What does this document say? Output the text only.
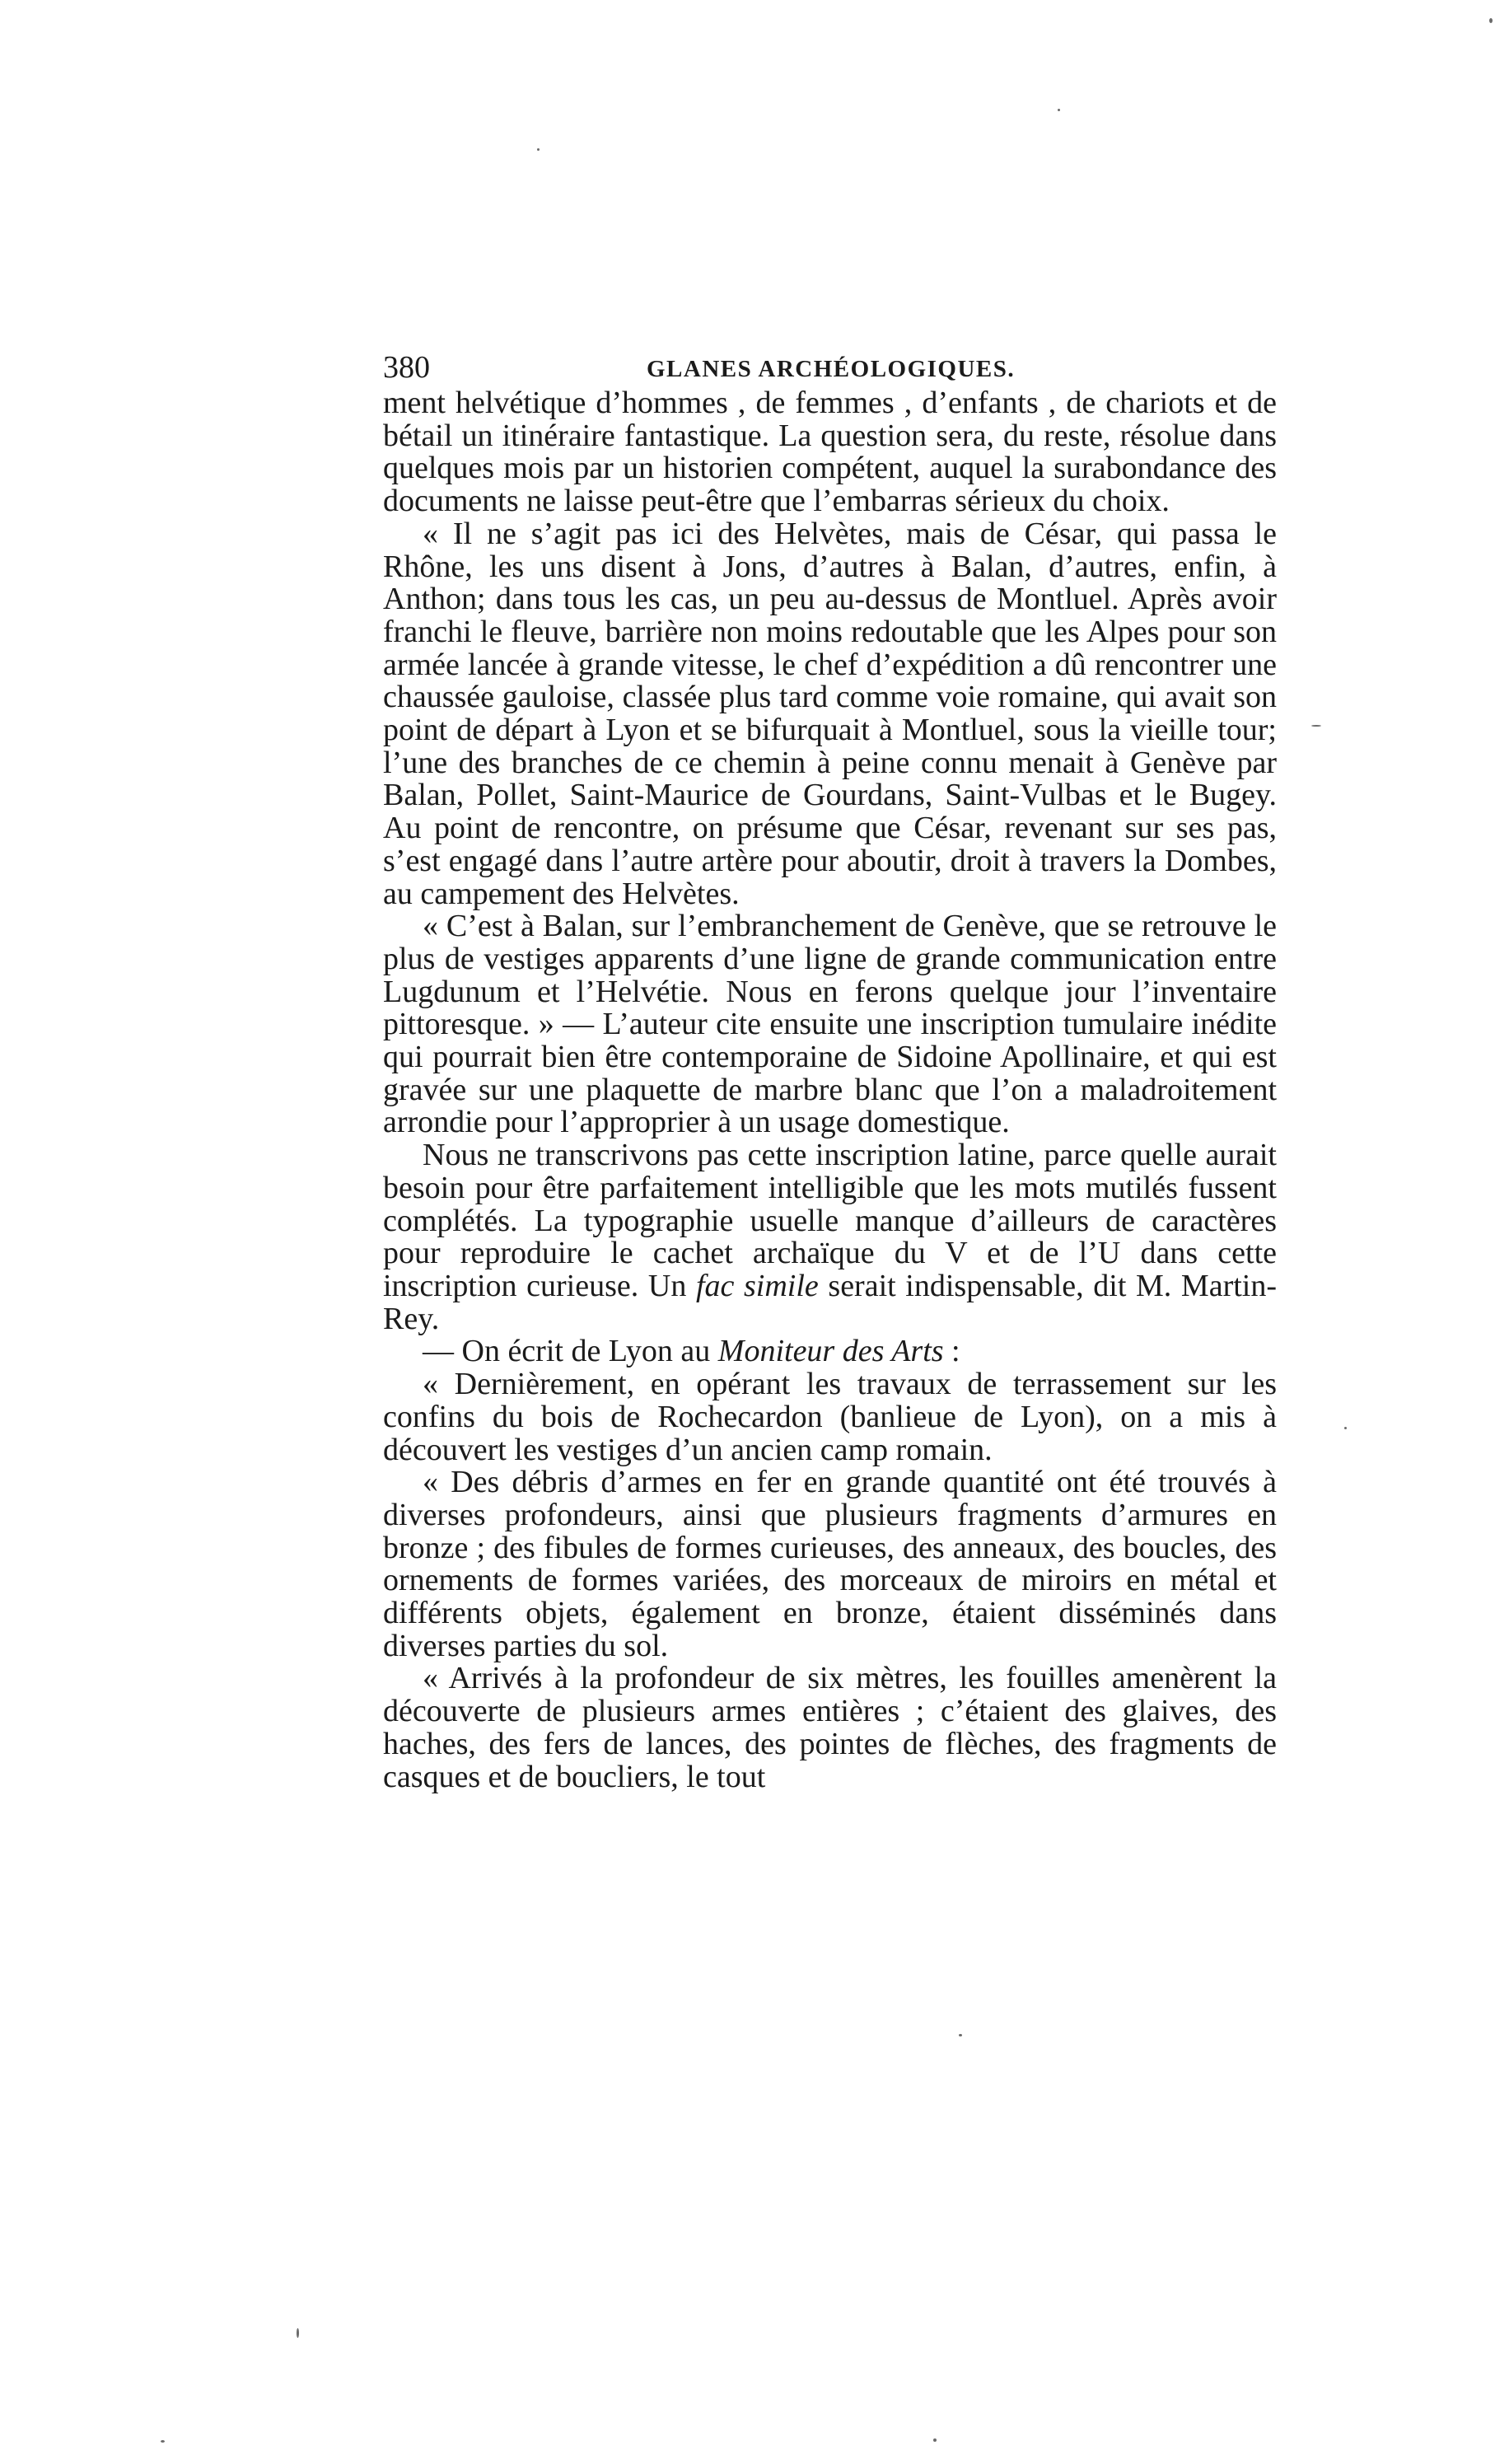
380	GLANES ARCHÉOLOGIQUES.

ment helvétique d’hommes , de femmes , d’enfants , de chariots et de bétail un itinéraire fantastique. La question sera, du reste, résolue dans quelques mois par un historien compétent, auquel la surabondance des documents ne laisse peut-être que l’embarras sérieux du choix.

« Il ne s’agit pas ici des Helvètes, mais de César, qui passa le Rhône, les uns disent à Jons, d’autres à Balan, d’autres, enfin, à Anthon; dans tous les cas, un peu au-dessus de Montluel. Après avoir franchi le fleuve, barrière non moins redoutable que les Alpes pour son armée lancée à grande vitesse, le chef d’expédition a dû rencontrer une chaussée gauloise, classée plus tard comme voie romaine, qui avait son point de départ à Lyon et se bifurquait à Montluel, sous la vieille tour; l’une des branches de ce chemin à peine connu menait à Genève par Balan, Pollet, Saint-Maurice de Gourdans, Saint-Vulbas et le Bugey. Au point de rencontre, on présume que César, revenant sur ses pas, s’est engagé dans l’autre artère pour aboutir, droit à travers la Dombes, au campement des Helvètes.

« C’est à Balan, sur l’embranchement de Genève, que se retrouve le plus de vestiges apparents d’une ligne de grande communication entre Lugdunum et l’Helvétie. Nous en ferons quelque jour l’inventaire pittoresque. » — L’auteur cite ensuite une inscription tumulaire inédite qui pourrait bien être contemporaine de Sidoine Apollinaire, et qui est gravée sur une plaquette de marbre blanc que l’on a maladroitement arrondie pour l’approprier à un usage domestique.

Nous ne transcrivons pas cette inscription latine, parce quelle aurait besoin pour être parfaitement intelligible que les mots mutilés fussent complétés. La typographie usuelle manque d’ailleurs de caractères pour reproduire le cachet archaïque du V et de l’U dans cette inscription curieuse. Un fac simile serait indispensable, dit M. Martin-Rey.

— On écrit de Lyon au Moniteur des Arts :

« Dernièrement, en opérant les travaux de terrassement sur les confins du bois de Rochecardon (banlieue de Lyon), on a mis à découvert les vestiges d’un ancien camp romain.

« Des débris d’armes en fer en grande quantité ont été trouvés à diverses profondeurs, ainsi que plusieurs fragments d’armures en bronze ; des fibules de formes curieuses, des anneaux, des boucles, des ornements de formes variées, des morceaux de miroirs en métal et différents objets, également en bronze, étaient disséminés dans diverses parties du sol.

« Arrivés à la profondeur de six mètres, les fouilles amenèrent la découverte de plusieurs armes entières ; c’étaient des glaives, des haches, des fers de lances, des pointes de flèches, des fragments de casques et de boucliers, le tout
